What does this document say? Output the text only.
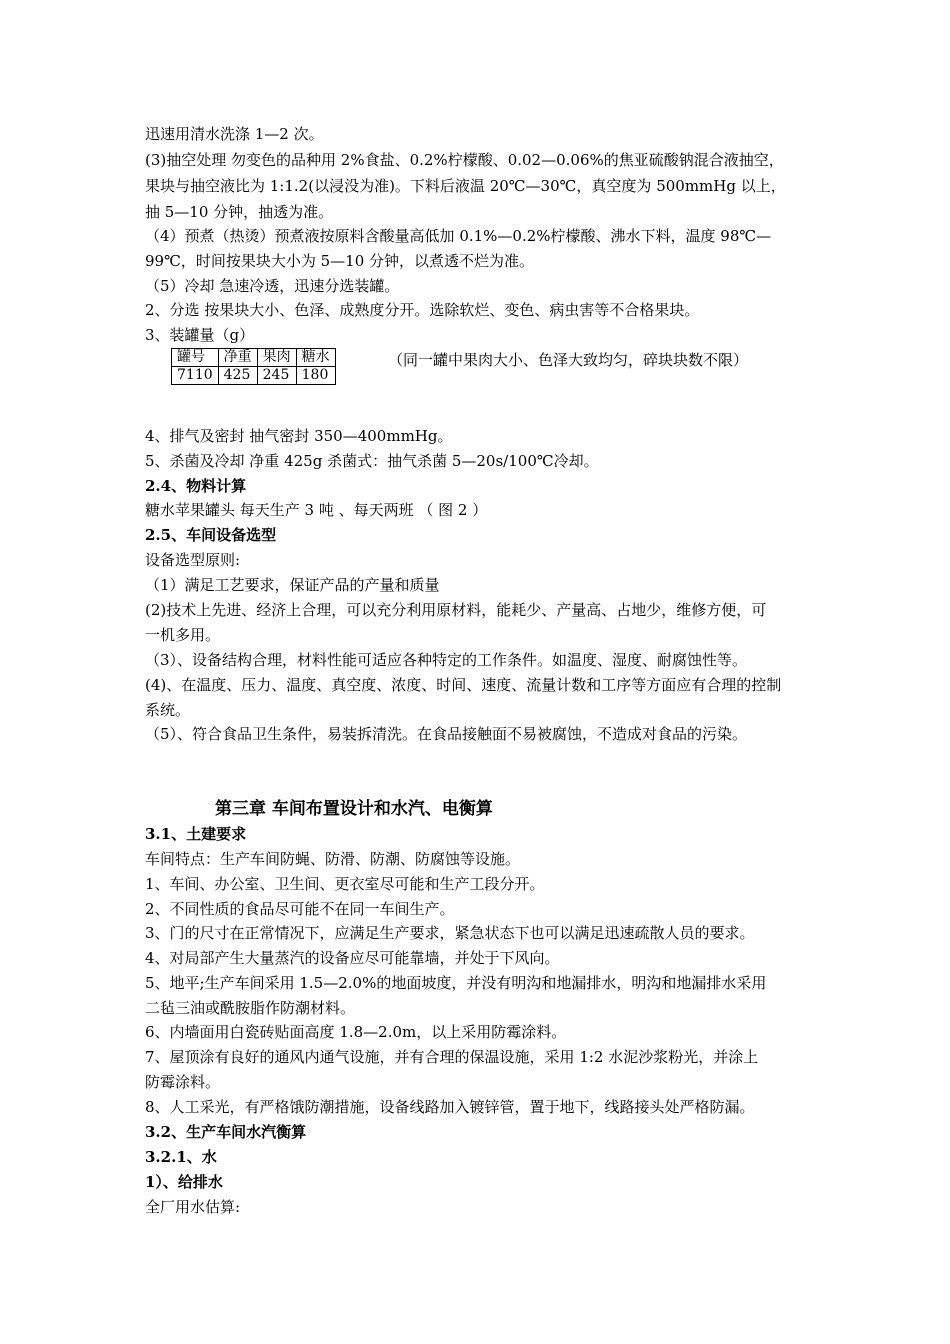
迅速用清水洗涤 1—2 次。
(3)抽空处理 勿变色的品种用 2%食盐、0.2%柠檬酸、0.02—0.06%的焦亚硫酸钠混合液抽空，
果块与抽空液比为 1:1.2(以浸没为准)。下料后液温 20℃—30℃，真空度为 500mmHg 以上，
抽 5—10 分钟，抽透为准。
（4）预煮（热烫）预煮液按原料含酸量高低加 0.1%—0.2%柠檬酸、沸水下料，温度 98℃—
99℃，时间按果块大小为 5—10 分钟，以煮透不烂为准。
（5）冷却 急速冷透，迅速分选装罐。
2、分选 按果块大小、色泽、成熟度分开。选除软烂、变色、病虫害等不合格果块。
3、装罐量（g）
罐号	净重	果肉	糖水
7110	425	245	180
（同一罐中果肉大小、色泽大致均匀，碎块块数不限）
4、排气及密封 抽气密封 350—400mmHg。
5、杀菌及冷却 净重 425g 杀菌式：抽气杀菌 5—20s/100℃冷却。
2.4、物料计算
糖水苹果罐头 每天生产 3 吨 、每天两班 （ 图 2 ）
2.5、车间设备选型
设备选型原则:
（1）满足工艺要求，保证产品的产量和质量
(2)技术上先进、经济上合理，可以充分利用原材料，能耗少、产量高、占地少，维修方便，可
一机多用。
（3）、设备结构合理，材料性能可适应各种特定的工作条件。如温度、湿度、耐腐蚀性等。
(4)、在温度、压力、温度、真空度、浓度、时间、速度、流量计数和工序等方面应有合理的控制
系统。
（5）、符合食品卫生条件，易装拆清洗。在食品接触面不易被腐蚀，不造成对食品的污染。
第三章 车间布置设计和水汽、电衡算
3.1、土建要求
车间特点：生产车间防蝇、防滑、防潮、防腐蚀等设施。
1、车间、办公室、卫生间、更衣室尽可能和生产工段分开。
2、不同性质的食品尽可能不在同一车间生产。
3、门的尺寸在正常情况下，应满足生产要求，紧急状态下也可以满足迅速疏散人员的要求。
4、对局部产生大量蒸汽的设备应尽可能靠墙，并处于下风向。
5、地平;生产车间采用 1.5—2.0%的地面坡度，并没有明沟和地漏排水，明沟和地漏排水采用
二毡三油或酰胺脂作防潮材料。
6、内墙面用白瓷砖贴面高度 1.8—2.0m，以上采用防霉涂料。
7、屋顶涂有良好的通风内通气设施，并有合理的保温设施，采用 1:2 水泥沙浆粉光，并涂上
防霉涂料。
8、人工采光，有严格饿防潮措施，设备线路加入镀锌管，置于地下，线路接头处严格防漏。
3.2、生产车间水汽衡算
3.2.1、水
1）、给排水
全厂用水估算:
